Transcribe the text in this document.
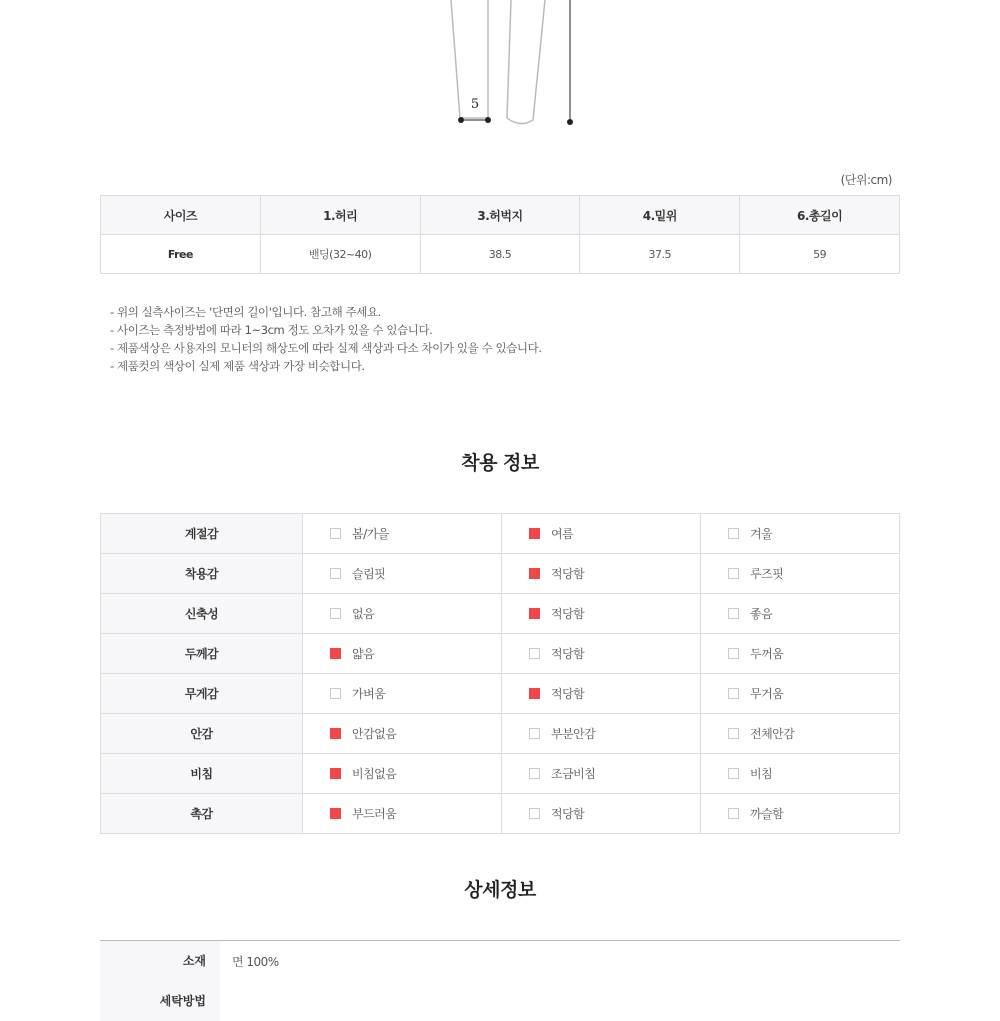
5
(단위:cm)
사이즈	1.허리	3.허벅지	4.밑위	6.총길이
Free	밴딩(32~40)	38.5	37.5	59
- 위의 실측사이즈는 '단면의 길이'입니다. 참고해 주세요.
- 사이즈는 측정방법에 따라 1~3cm 정도 오차가 있을 수 있습니다.
- 제품색상은 사용자의 모니터의 해상도에 따라 실제 색상과 다소 차이가 있을 수 있습니다.
- 제품컷의 색상이 실제 제품 색상과 가장 비슷합니다.
착용 정보
계절감	봄/가을	여름	겨울
착용감	슬림핏	적당함	루즈핏
신축성	없음	적당함	좋음
두께감	얇음	적당함	두꺼움
무게감	가벼움	적당함	무거움
안감	안감없음	부분안감	전체안감
비침	비침없음	조금비침	비침
촉감	부드러움	적당함	까슬함
상세정보
소재	면 100%
세탁방법
